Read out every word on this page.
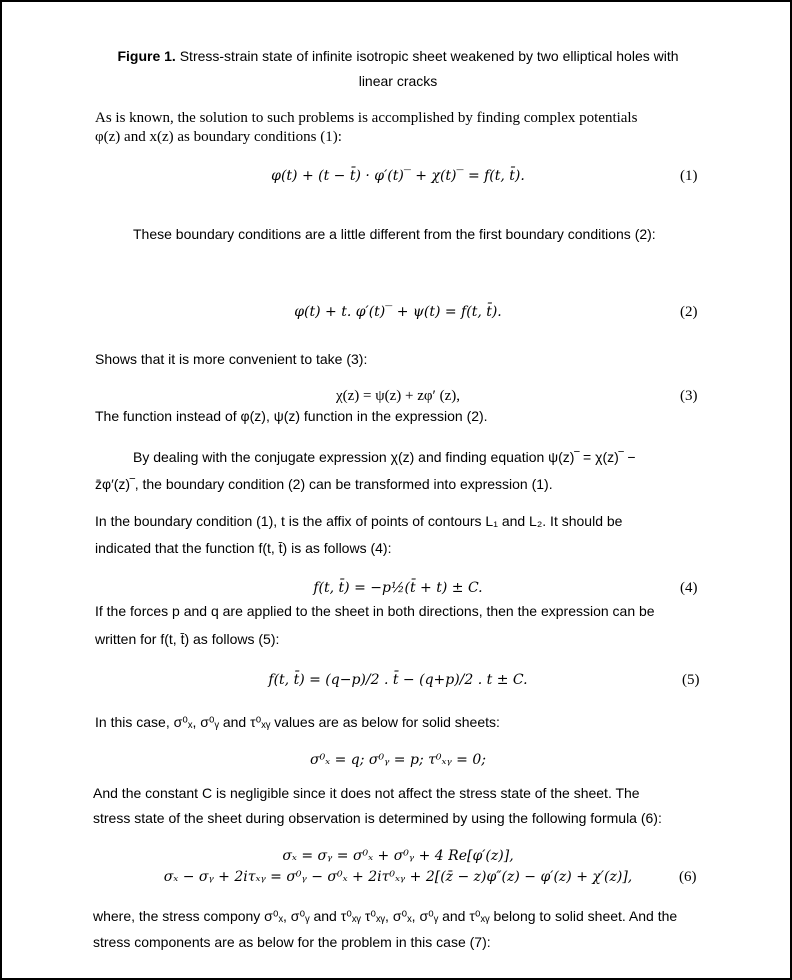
Figure 1. Stress-strain state of infinite isotropic sheet weakened by two elliptical holes with
linear cracks
As is known, the solution to such problems is accomplished by finding complex potentials
φ(z) and x(z) as boundary conditions (1):
φ(t) + (t − t̄) · φ′(t)‾ + χ(t)‾ = f(t, t̄).	(1)
These boundary conditions are a little different from the first boundary conditions (2):
φ(t) + t. φ′(t)‾ + ψ(t) = f(t, t̄).	(2)
Shows that it is more convenient to take (3):
χ(z) = ψ(z) + zφ′ (z),	(3)
The function instead of φ(z), ψ(z) function in the expression (2).
By dealing with the conjugate expression χ(z) and finding equation ψ(z)‾ = χ(z)‾ −
z̄φ′(z)‾, the boundary condition (2) can be transformed into expression (1).
In the boundary condition (1), t is the affix of points of contours L₁ and L₂. It should be
indicated that the function f(t, t̄) is as follows (4):
f(t, t̄) = −p½(t̄ + t) ± C.	(4)
If the forces p and q are applied to the sheet in both directions, then the expression can be
written for f(t, t̄) as follows (5):
f(t, t̄) = (q−p)/2 . t̄ − (q+p)/2 . t ± C.	(5)
In this case, σ⁰ₓ, σ⁰ᵧ and τ⁰ₓᵧ values are as below for solid sheets:
σ⁰ₓ = q; σ⁰ᵧ = p; τ⁰ₓᵧ = 0;
And the constant C is negligible since it does not affect the stress state of the sheet. The
stress state of the sheet during observation is determined by using the following formula (6):
σₓ = σᵧ = σ⁰ₓ + σ⁰ᵧ + 4 Re[φ′(z)],
σₓ − σᵧ + 2iτₓᵧ = σ⁰ᵧ − σ⁰ₓ + 2iτ⁰ₓᵧ + 2[(z̄ − z)φ″(z) − φ′(z) + χ′(z)],	(6)
where, the stress compony σ⁰ₓ, σ⁰ᵧ and τ⁰ₓᵧ τ⁰ₓᵧ, σ⁰ₓ, σ⁰ᵧ and τ⁰ₓᵧ belong to solid sheet. And the
stress components are as below for the problem in this case (7):
